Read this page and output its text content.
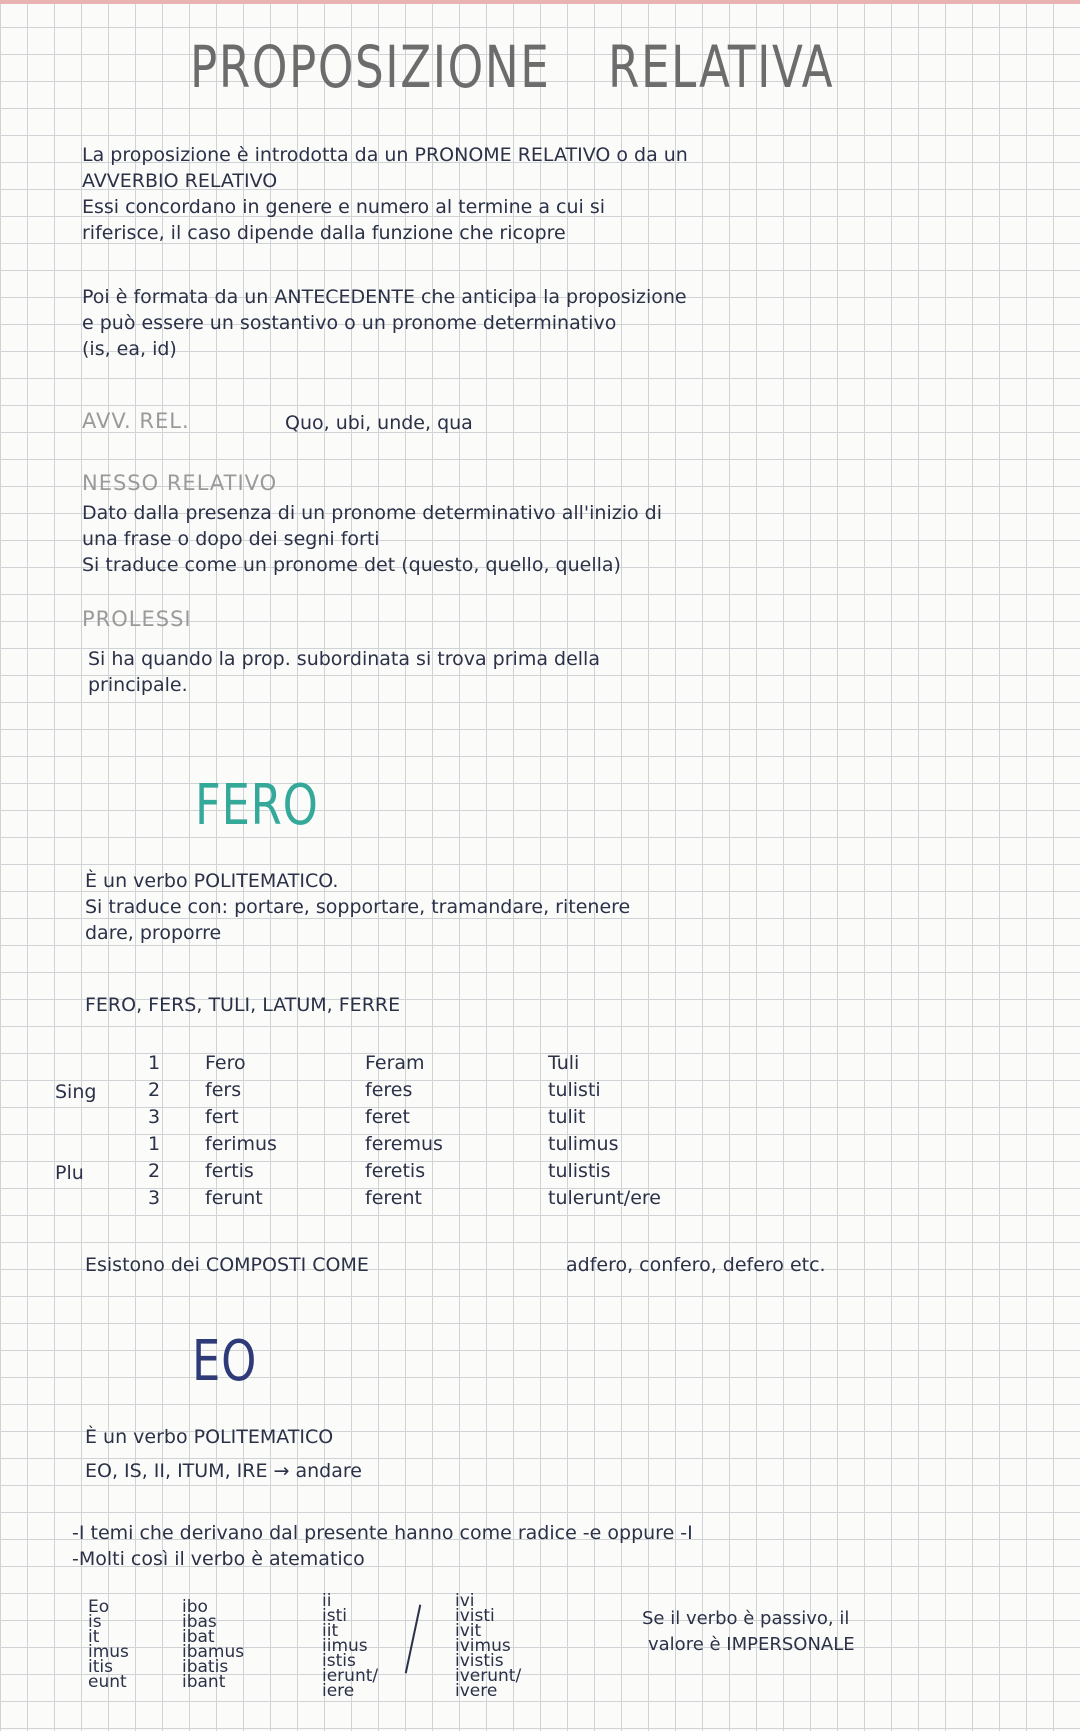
PROPOSIZIONE RELATIVA
La proposizione è introdotta da un PRONOME RELATIVO o da un
AVVERBIO RELATIVO
Essi concordano in genere e numero al termine a cui si
riferisce, il caso dipende dalla funzione che ricopre
Poi è formata da un ANTECEDENTE che anticipa la proposizione
e può essere un sostantivo o un pronome determinativo
(is, ea, id)
AVV. REL.	Quo, ubi, unde, qua
NESSO RELATIVO
Dato dalla presenza di un pronome determinativo all'inizio di
una frase o dopo dei segni forti
Si traduce come un pronome det (questo, quello, quella)
PROLESSI
Si ha quando la prop. subordinata si trova prima della
principale.
FERO
È un verbo POLITEMATICO.
Si traduce con: portare, sopportare, tramandare, ritenere
dare, proporre
FERO, FERS, TULI, LATUM, FERRE
Sing
Plu
1
2
3
1
2
3
Fero
fers
fert
ferimus
fertis
ferunt
Feram
feres
feret
feremus
feretis
ferent
Tuli
tulisti
tulit
tulimus
tulistis
tulerunt/ere
Esistono dei COMPOSTI COME	adfero, confero, defero etc.
EO
È un verbo POLITEMATICO
EO, IS, II, ITUM, IRE → andare
-I temi che derivano dal presente hanno come radice -e oppure -I
-Molti così il verbo è atematico
Eo
is
it
imus
itis
eunt
ibo
ibas
ibat
ibamus
ibatis
ibant
ii
isti
iit
iimus
istis
ierunt/
iere
ivi
ivisti
ivit
ivimus
ivistis
iverunt/
ivere
Se il verbo è passivo, il
valore è IMPERSONALE
